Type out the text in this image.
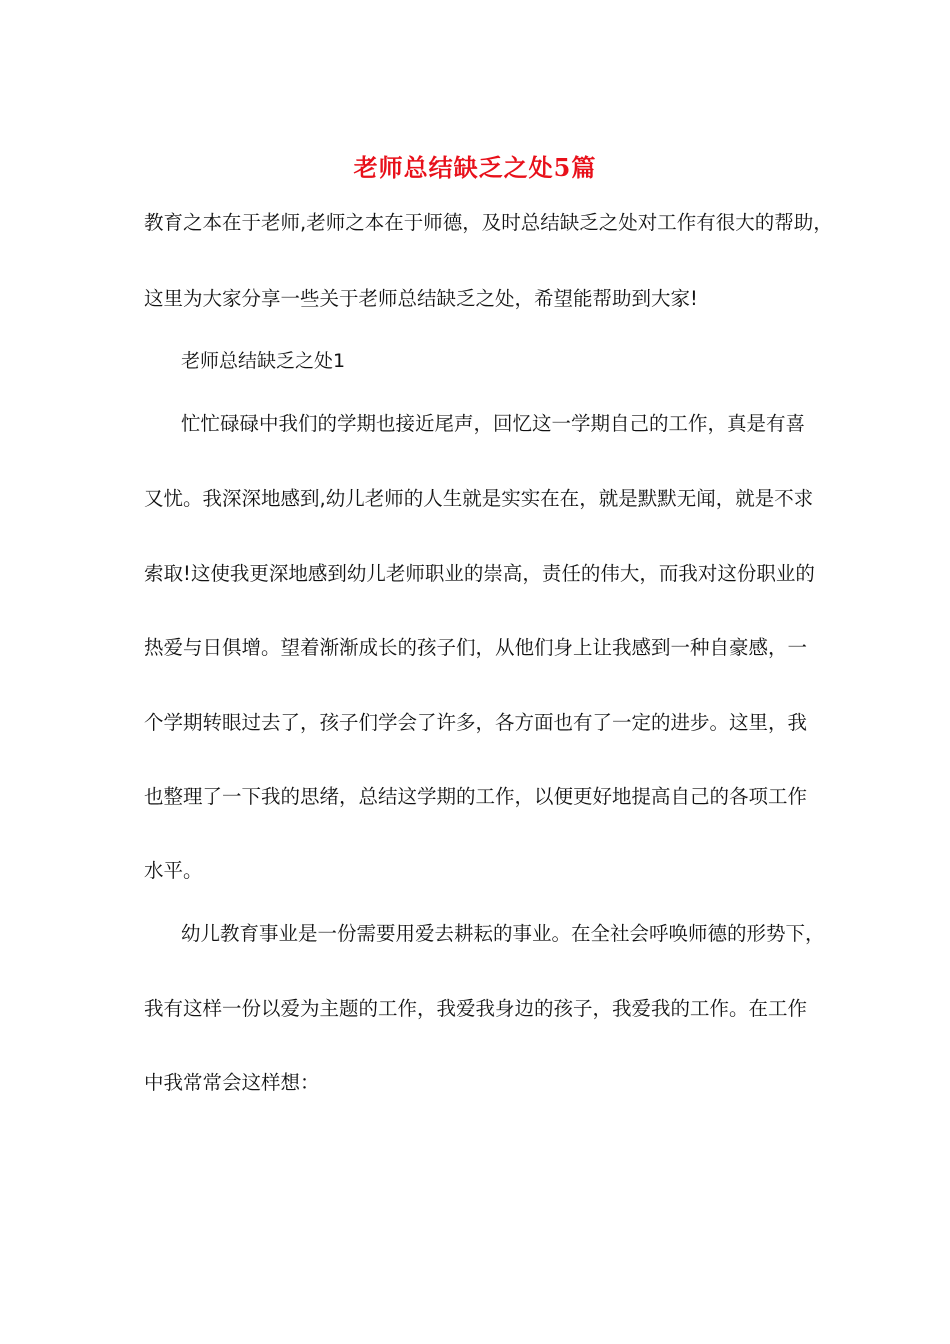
老师总结缺乏之处5篇
教育之本在于老师,老师之本在于师德，及时总结缺乏之处对工作有很大的帮助，
这里为大家分享一些关于老师总结缺乏之处，希望能帮助到大家!
老师总结缺乏之处1
忙忙碌碌中我们的学期也接近尾声，回忆这一学期自己的工作，真是有喜
又忧。我深深地感到,幼儿老师的人生就是实实在在，就是默默无闻，就是不求
索取!这使我更深地感到幼儿老师职业的崇高，责任的伟大，而我对这份职业的
热爱与日俱增。望着渐渐成长的孩子们，从他们身上让我感到一种自豪感，一
个学期转眼过去了，孩子们学会了许多，各方面也有了一定的进步。这里，我
也整理了一下我的思绪，总结这学期的工作，以便更好地提高自己的各项工作
水平。
幼儿教育事业是一份需要用爱去耕耘的事业。在全社会呼唤师德的形势下，
我有这样一份以爱为主题的工作，我爱我身边的孩子，我爱我的工作。在工作
中我常常会这样想：
